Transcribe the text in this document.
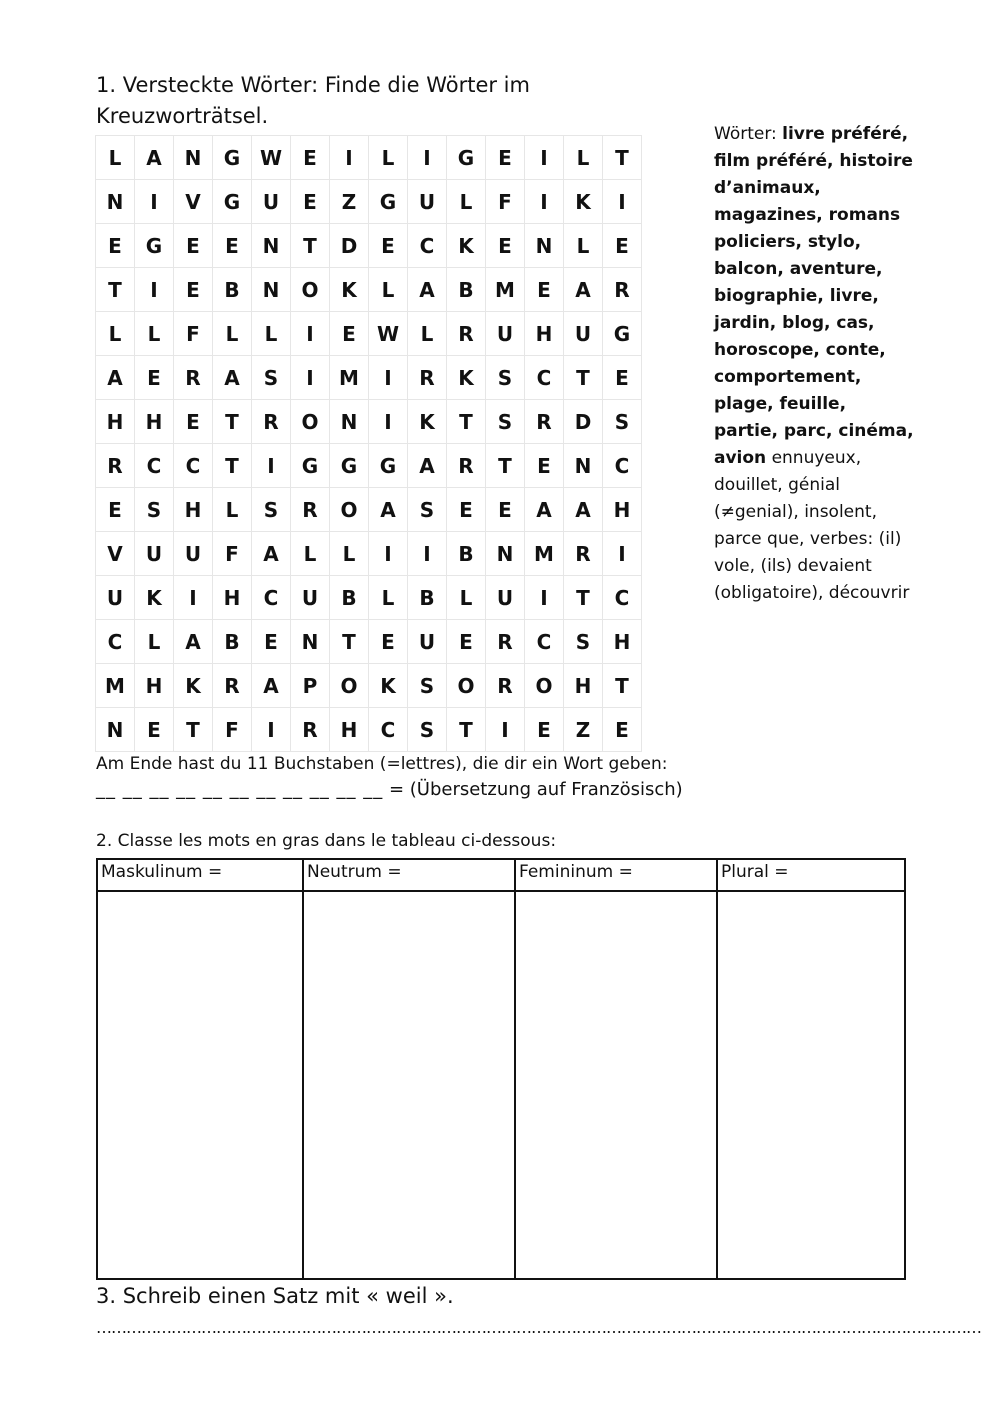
1. Versteckte Wörter: Finde die Wörter im Kreuzworträtsel.
L	A	N	G	W	E	I	L	I	G	E	I	L	T
N	I	V	G	U	E	Z	G	U	L	F	I	K	I
E	G	E	E	N	T	D	E	C	K	E	N	L	E
T	I	E	B	N	O	K	L	A	B	M	E	A	R
L	L	F	L	L	I	E	W	L	R	U	H	U	G
A	E	R	A	S	I	M	I	R	K	S	C	T	E
H	H	E	T	R	O	N	I	K	T	S	R	D	S
R	C	C	T	I	G	G	G	A	R	T	E	N	C
E	S	H	L	S	R	O	A	S	E	E	A	A	H
V	U	U	F	A	L	L	I	I	B	N	M	R	I
U	K	I	H	C	U	B	L	B	L	U	I	T	C
C	L	A	B	E	N	T	E	U	E	R	C	S	H
M	H	K	R	A	P	O	K	S	O	R	O	H	T
N	E	T	F	I	R	H	C	S	T	I	E	Z	E
Wörter: livre préféré, film préféré, histoire d’animaux, magazines, romans policiers, stylo, balcon, aventure, biographie, livre, jardin, blog, cas, horoscope, conte, comportement, plage, feuille, partie, parc, cinéma, avion ennuyeux, douillet, génial (≠genial), insolent, parce que, verbes: (il) vole, (ils) devaient (obligatoire), découvrir
Am Ende hast du 11 Buchstaben (=lettres), die dir ein Wort geben:
__ __ __ __ __ __ __ __ __ __ __ = (Übersetzung auf Französisch)
2. Classe les mots en gras dans le tableau ci-dessous:
Maskulinum =	Neutrum =	Femininum =	Plural =

3. Schreib einen Satz mit « weil ».
……………………………………………………………………………………………………………………………………………………………
